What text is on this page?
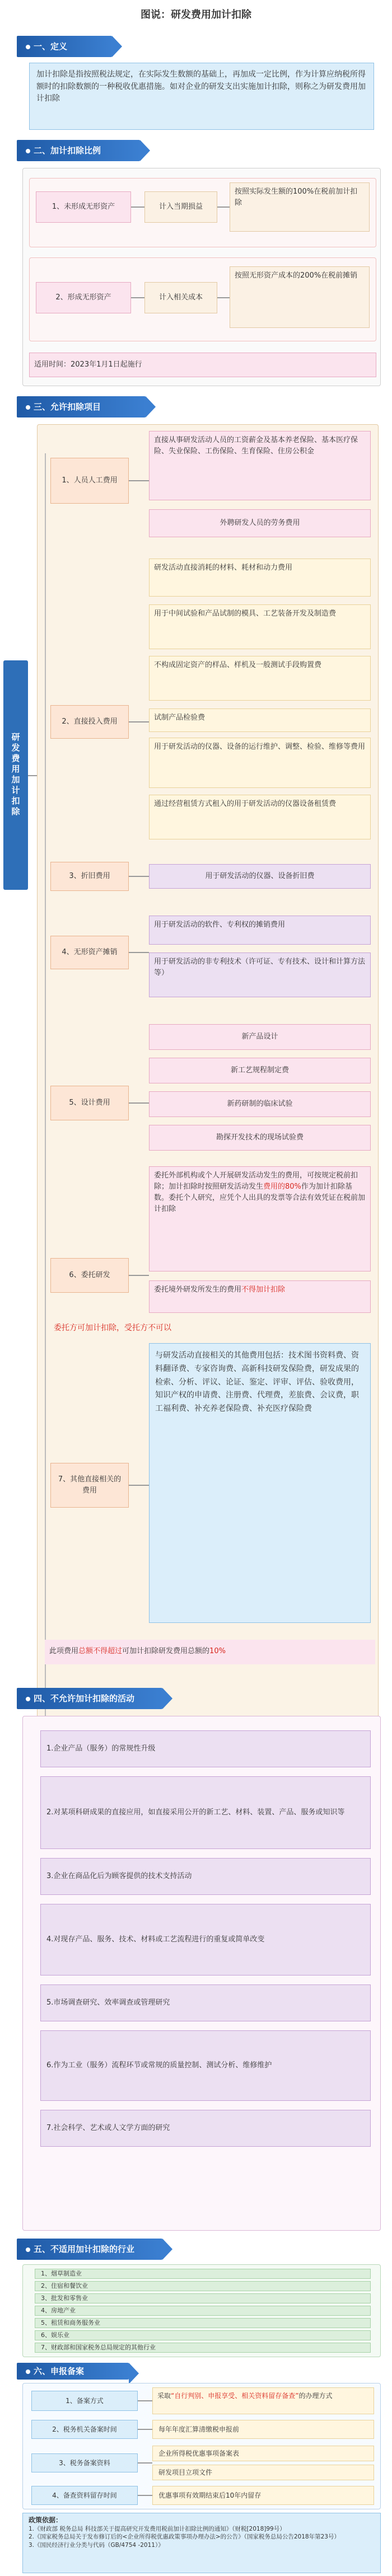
图说：研发费用加计扣除
一、定义
加计扣除是指按照税法规定，在实际发生数额的基础上，再加成一定比例，作为计算应纳税所得额时的扣除数额的一种税收优惠措施。如对企业的研发支出实施加计扣除，则称之为研发费用加计扣除
二、加计扣除比例
1、未形成无形资产	计入当期损益
按照实际发生额的100%在税前加计扣除
2、形成无形资产	计入相关成本
按照无形资产成本的200%在税前摊销
适用时间：2023年1月1日起施行
三、允许扣除项目
研发费用加计扣除
1、人员人工费用
直接从事研发活动人员的工资薪金及基本养老保险、基本医疗保险、失业保险、工伤保险、生育保险、住房公积金
外聘研发人员的劳务费用
2、直接投入费用
研发活动直接消耗的材料、耗材和动力费用
用于中间试验和产品试制的模具、工艺装备开发及制造费
不构成固定资产的样品、样机及一般测试手段购置费
试制产品检验费
用于研发活动的仪器、设备的运行维护、调整、检验、维修等费用
通过经营租赁方式租入的用于研发活动的仪器设备租赁费
3、折旧费用	用于研发活动的仪器、设备折旧费
4、无形资产摊销
用于研发活动的软件、专利权的摊销费用
用于研发活动的非专利技术（许可证、专有技术、设计和计算方法等）
5、设计费用
新产品设计
新工艺规程制定费
新药研制的临床试验
勘探开发技术的现场试验费
6、委托研发
委托外部机构或个人开展研发活动发生的费用，可按规定税前扣除；加计扣除时按照研发活动发生费用的80%作为加计扣除基数。委托个人研究，应凭个人出具的发票等合法有效凭证在税前加计扣除
委托境外研发所发生的费用不得加计扣除
委托方可加计扣除，受托方不可以
7、其他直接相关的费用
与研发活动直接相关的其他费用包括：技术图书资料费、资料翻译费、专家咨询费、高新科技研发保险费，研发成果的检索、分析、评议、论证、鉴定、评审、评估、验收费用，知识产权的申请费、注册费、代理费，差旅费、会议费，职工福利费、补充养老保险费、补充医疗保险费
此项费用总额不得超过可加计扣除研发费用总额的10%
四、不允许加计扣除的活动
1.企业产品（服务）的常规性升级
2.对某项科研成果的直接应用，如直接采用公开的新工艺、材料、装置、产品、服务或知识等
3.企业在商品化后为顾客提供的技术支持活动
4.对现存产品、服务、技术、材料或工艺流程进行的重复或简单改变
5.市场调查研究、效率调查或管理研究
6.作为工业（服务）流程环节或常规的质量控制、测试分析、维修维护
7.社会科学、艺术或人文学方面的研究
五、不适用加计扣除的行业
1、烟草制造业
2、住宿和餐饮业
3、批发和零售业
4、房地产业
5、租赁和商务服务业
6、娱乐业
7、财政部和国家税务总局规定的其他行业
六、申报备案
1、备案方式
采取“自行判别、申报享受、相关资料留存备查”的办理方式
2、税务机关备案时间	每年年度汇算清缴税申报前
3、税务备案资料
企业所得税优惠事项备案表
研发项目立项文件
4、备查资料留存时间	优惠事项有效期结束后10年内留存
政策依据：
1.《财政部 税务总局 科技部关于提高研究开发费用税前加计扣除比例的通知》（财税[2018]99号）
2.《国家税务总局关于发布修订后的<企业所得税优惠政策事项办理办法>的公告》（国家税务总局公告2018年第23号）
3.《国民经济行业分类与代码（GB/4754 -2011）》
